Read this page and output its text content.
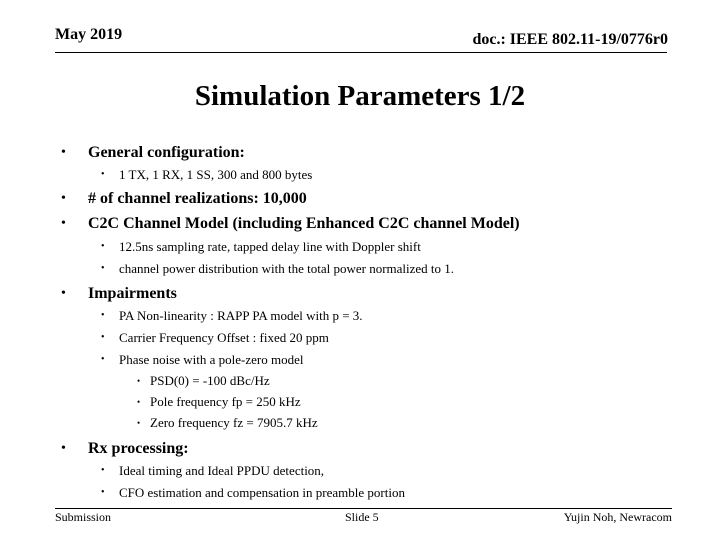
May 2019	doc.: IEEE 802.11-19/0776r0
Simulation Parameters 1/2
• General configuration:
• 1 TX, 1 RX, 1 SS, 300 and 800 bytes
• # of channel realizations: 10,000
• C2C Channel Model (including Enhanced C2C channel Model)
• 12.5ns sampling rate, tapped delay line with Doppler shift
• channel power distribution with the total power normalized to 1.
• Impairments
• PA Non-linearity : RAPP PA model with p = 3.
• Carrier Frequency Offset : fixed 20 ppm
• Phase noise with a pole-zero model
• PSD(0) = -100 dBc/Hz
• Pole frequency fp = 250 kHz
• Zero frequency fz = 7905.7 kHz
• Rx processing:
• Ideal timing and Ideal PPDU detection,
• CFO estimation and compensation in preamble portion
Submission	Slide 5	Yujin Noh, Newracom
